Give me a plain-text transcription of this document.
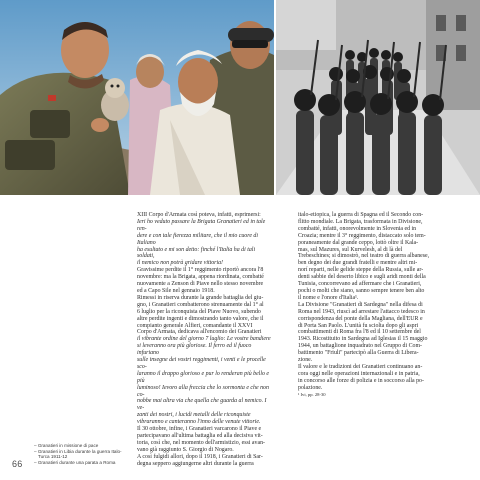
– Granatieri in missione di pace
– Granatieri in Libia durante la guerra Italo-
Turca 1911-12
– Granatieri durante una parata a Roma
66

XIII Corpo d'Armata così poteva, infatti, esprimersi:

Ieri ho veduto passare la Brigata Granatieri ed in tale ren-

dere e con tale fierezza militare, che il mio cuore di Italiano

ha esultato e mi son detto: finché l'Italia ha di tali soldati,

il nemico non potrà gridare vittoria!

Gravissime perdite il 1° reggimento riportò ancora l'8

novembre: ma la Brigata, appena riordinata, combatté

nuovamente a Zenson di Piave nello stesso novembre

ed a Capo Sile nel gennaio 1918.

Rimessi in riserva durante la grande battaglia del giu-

gno, i Granatieri combatterono strenuamente dal 1° al

6 luglio per la riconquista del Piave Nuovo, subendo

altre perdite ingenti e dimostrando tanto valore, che il

compianto generale Alfieri, comandante il XXVI

Corpo d'Armata, dedicava all'encomio dei Granatieri

il vibrante ordine del giorno 7 luglio: Le vostre bandiere

si leveranno ora più gloriose. Il ferro ed il fuoco infuriano

sulle insegne dei vostri reggimenti, i venti e le procelle sco-

laranno il drappo glorioso e pur lo renderan più bello e più

luminoso! Ievoro alla freccia che lo sormonta e che non co-

nobbe mai altra via che quella che guarda al nemico. I ve-

zanti dei nostri, i lucidi metalli delle riconquiste

vibraranno e canteranno l'inno delle venute vittorie.

Il 30 ottobre, infine, i Granatieri varcarono il Piave e

partecipavano all'ultima battaglia ed alla decisiva vit-

toria, così che, nel momento dell'armistizio, essi avan-

vano già raggiunto S. Giorgio di Nogaro.

A così fulgidi allori, dopo il 1918, i Granatieri di Sar-

degna seppero aggiungerne altri durante la guerra

italo-etiopica, la guerra di Spagna ed il Secondo con-

flitto mondiale. La Brigata, trasformata in Divisione,

combatté, infatti, onorevolmente in Slovenia ed in

Croazia; mentre il 3° reggimento, distaccato solo tem-

poraneamente dal grande ceppo, lottò oltre il Kala-

mas, sul Mazures, sul Kurvelesh, al di là del

Trebeschines; si dimostrò, nel teatro di guerra albanese,

ben degno dei due grandi fratelli e mentre altri mi-

norí reparti, nelle gelide steppe della Russia, sulle ar-

denti sabbie del deserto libico e sugli aridi monti della

Tunisia, concorrevano ad affermare che i Granatieri,

pochi o molti che siano, sanno sempre tenere ben alto

il nome e l'onore d'Italia¹.

La Divisione "Granatieri di Sardegna" nella difesa di

Roma nel 1943, riuscì ad arrestare l'attacco tedesco in

corrispondenza del ponte della Magliana, dell'EUR e

di Porta San Paolo. L'unità fu sciolta dopo gli aspri

combattimenti di Roma fra l'8 ed il 10 settembre del

1943. Ricostituito in Sardegna ad Iglesias il 15 maggio

1944, un battaglione inquadrato nel Gruppo di Com-

battimento "Friuli" partecipò alla Guerra di Libera-

zione.

Il valore e le tradizioni dei Granatieri continuano an-

cora oggi nelle operazioni internazionali e in patria,

in concorso alle forze di polizia e in soccorso alla po-

polazione.

¹ Ivi, pp. 28-30
